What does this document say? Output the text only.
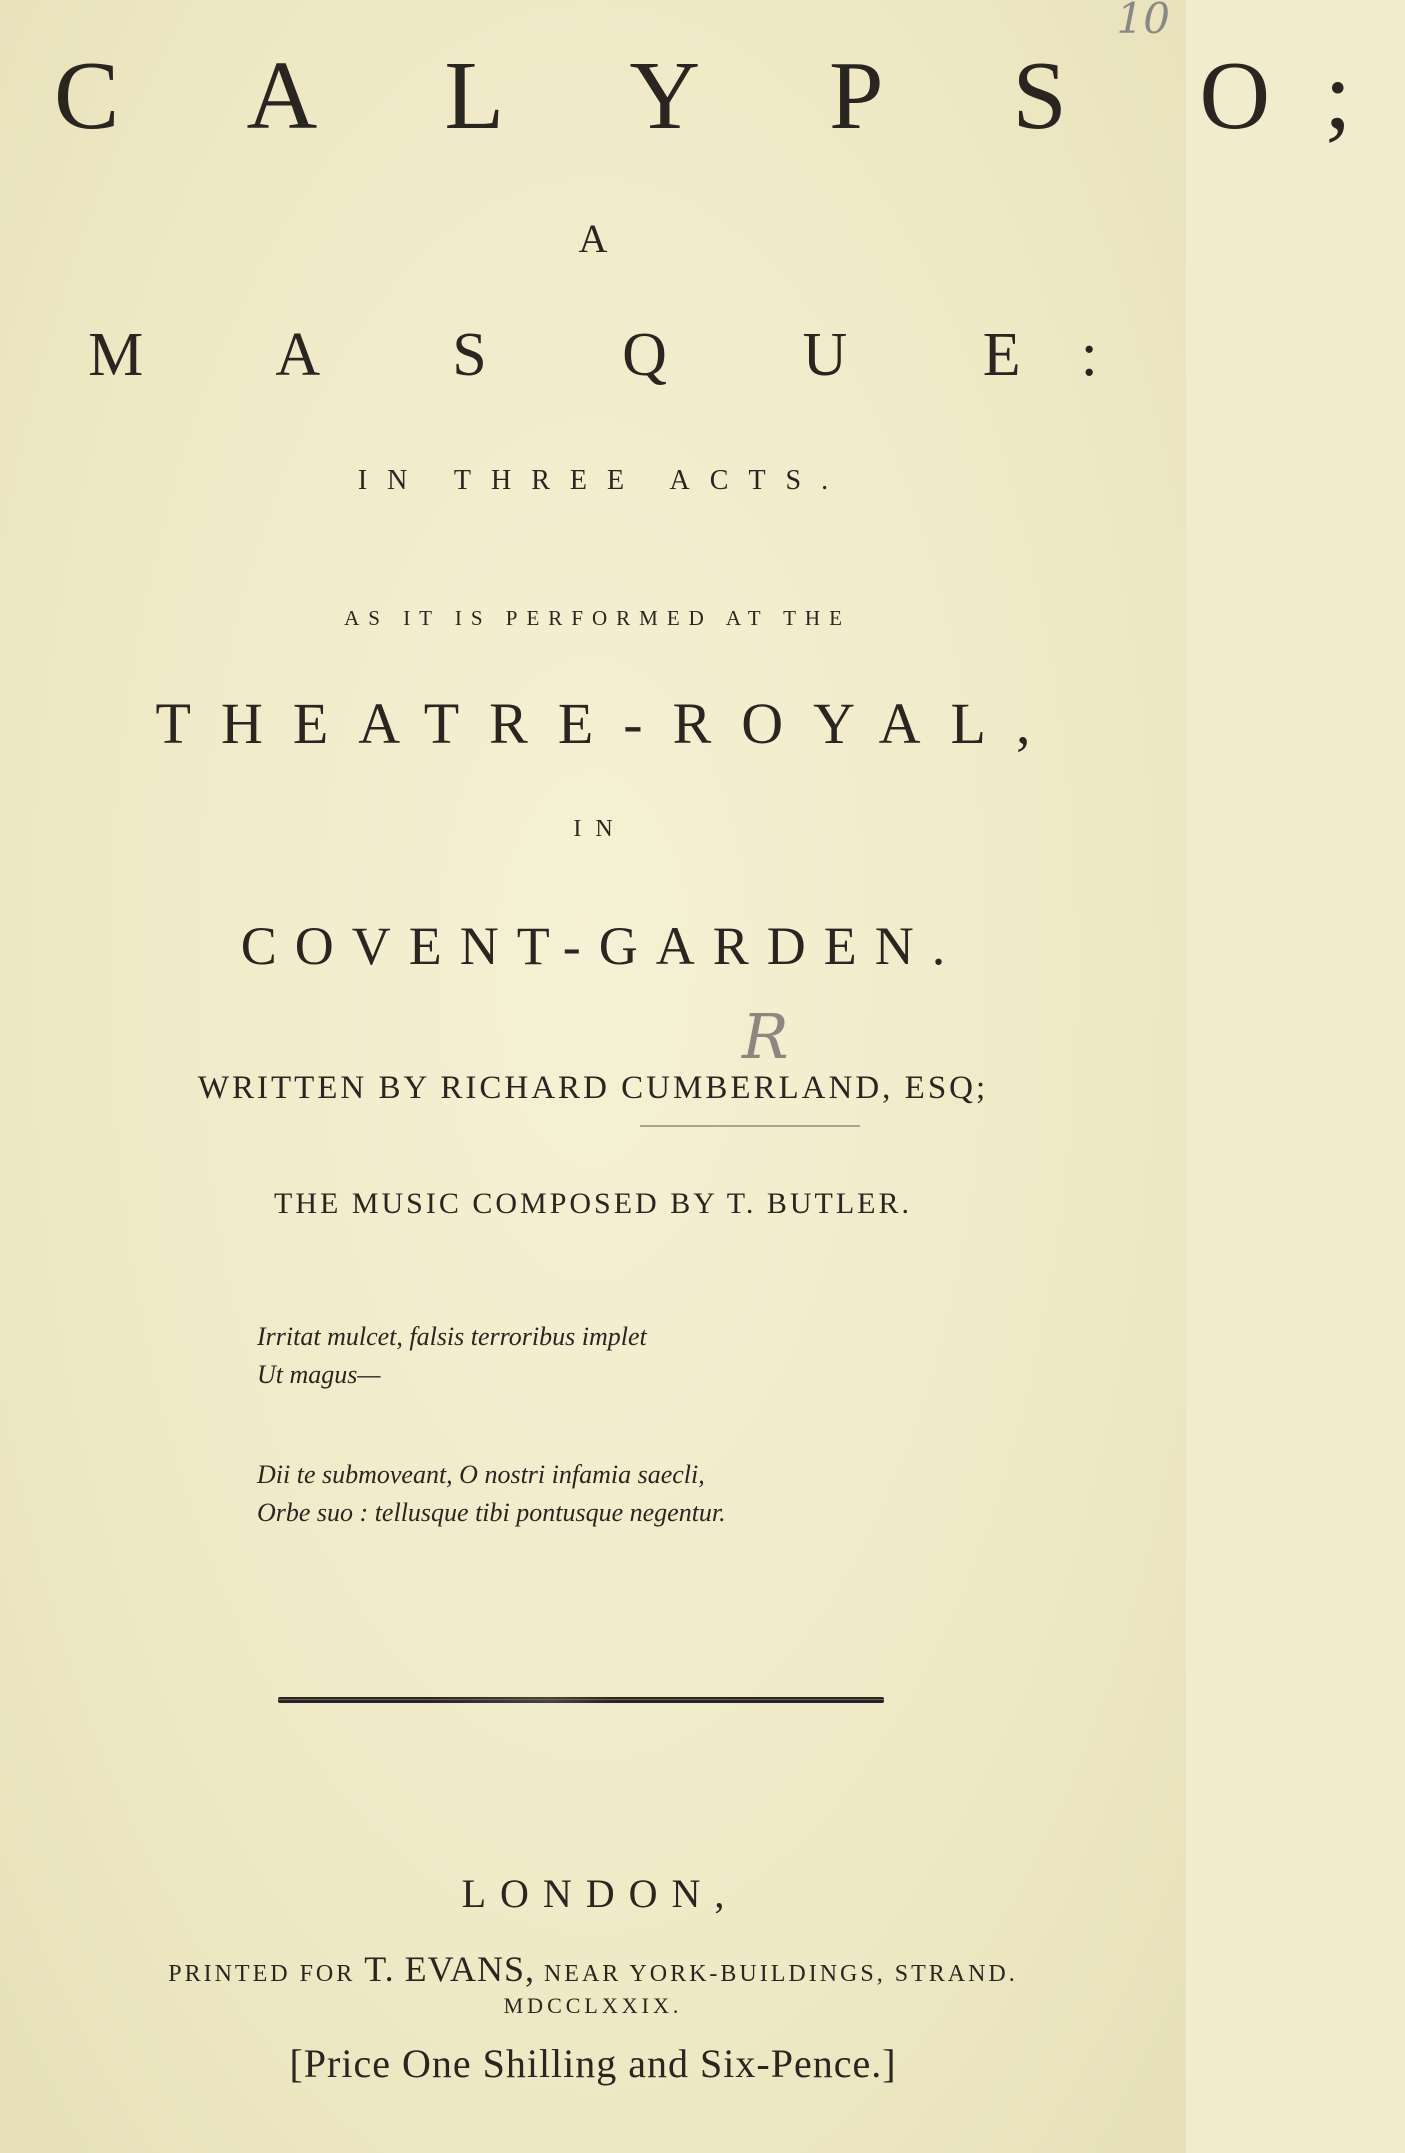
10
C A L Y P S O;
A
M A S Q U E:
IN THREE ACTS.
AS IT IS PERFORMED AT THE
THEATRE-ROYAL,
IN
COVENT-GARDEN.
R
WRITTEN BY RICHARD CUMBERLAND, ESQ;
THE MUSIC COMPOSED BY T. BUTLER.
Irritat mulcet, falsis terroribus implet
Ut magus—
Dii te submoveant, O nostri infamia saecli,
Orbe suo : tellusque tibi pontusque negentur.
LONDON,
PRINTED FOR T. EVANS, NEAR YORK-BUILDINGS, STRAND.
MDCCLXXIX.
[Price One Shilling and Six-Pence.]
